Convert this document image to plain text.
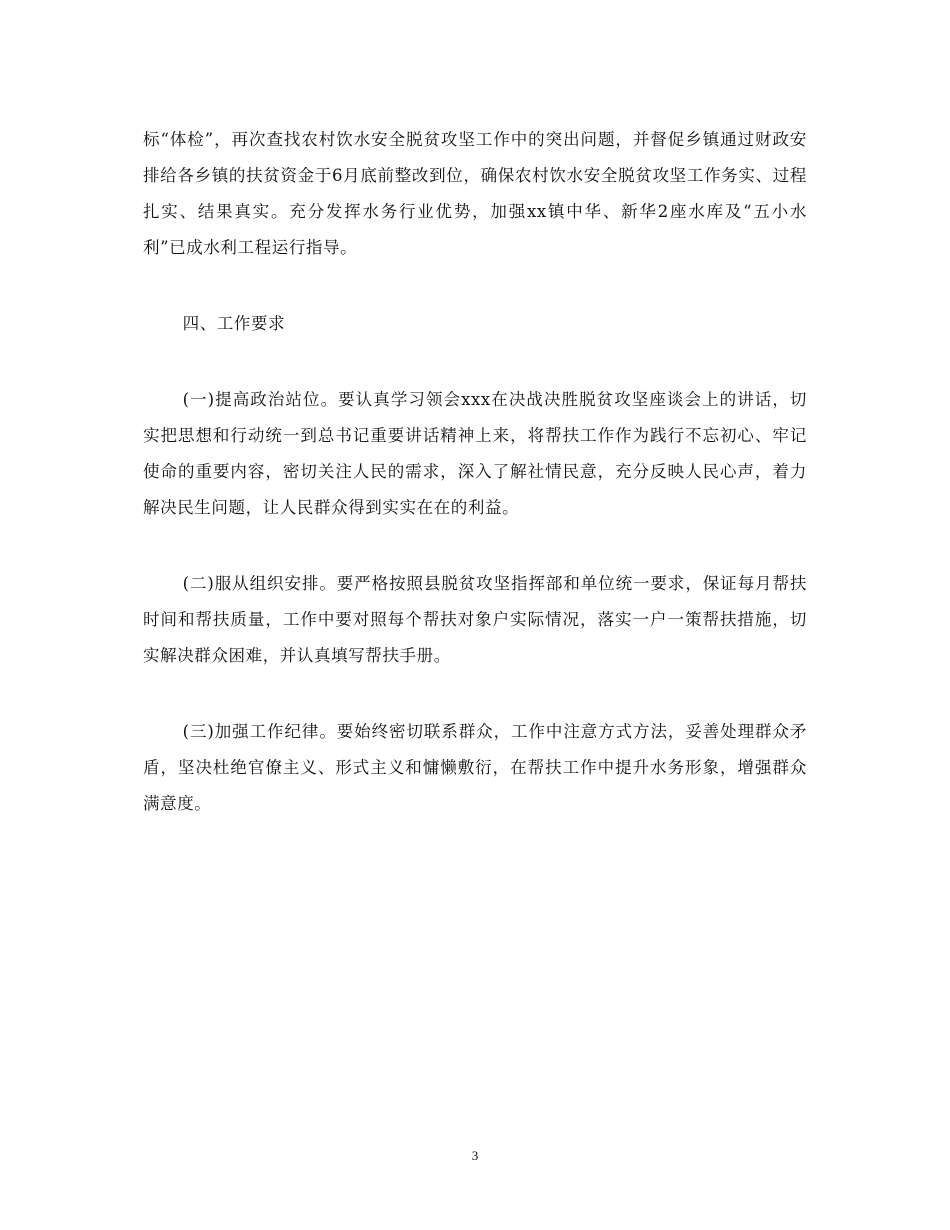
标“体检”，再次查找农村饮水安全脱贫攻坚工作中的突出问题，并督促乡镇通过财政安排给各乡镇的扶贫资金于6月底前整改到位，确保农村饮水安全脱贫攻坚工作务实、过程扎实、结果真实。充分发挥水务行业优势，加强xx镇中华、新华2座水库及“五小水利”已成水利工程运行指导。

四、工作要求

(一)提高政治站位。要认真学习领会xxx在决战决胜脱贫攻坚座谈会上的讲话，切实把思想和行动统一到总书记重要讲话精神上来，将帮扶工作作为践行不忘初心、牢记使命的重要内容，密切关注人民的需求，深入了解社情民意，充分反映人民心声，着力解决民生问题，让人民群众得到实实在在的利益。

(二)服从组织安排。要严格按照县脱贫攻坚指挥部和单位统一要求，保证每月帮扶时间和帮扶质量，工作中要对照每个帮扶对象户实际情况，落实一户一策帮扶措施，切实解决群众困难，并认真填写帮扶手册。

(三)加强工作纪律。要始终密切联系群众，工作中注意方式方法，妥善处理群众矛盾，坚决杜绝官僚主义、形式主义和慵懒敷衍，在帮扶工作中提升水务形象，增强群众满意度。

3
